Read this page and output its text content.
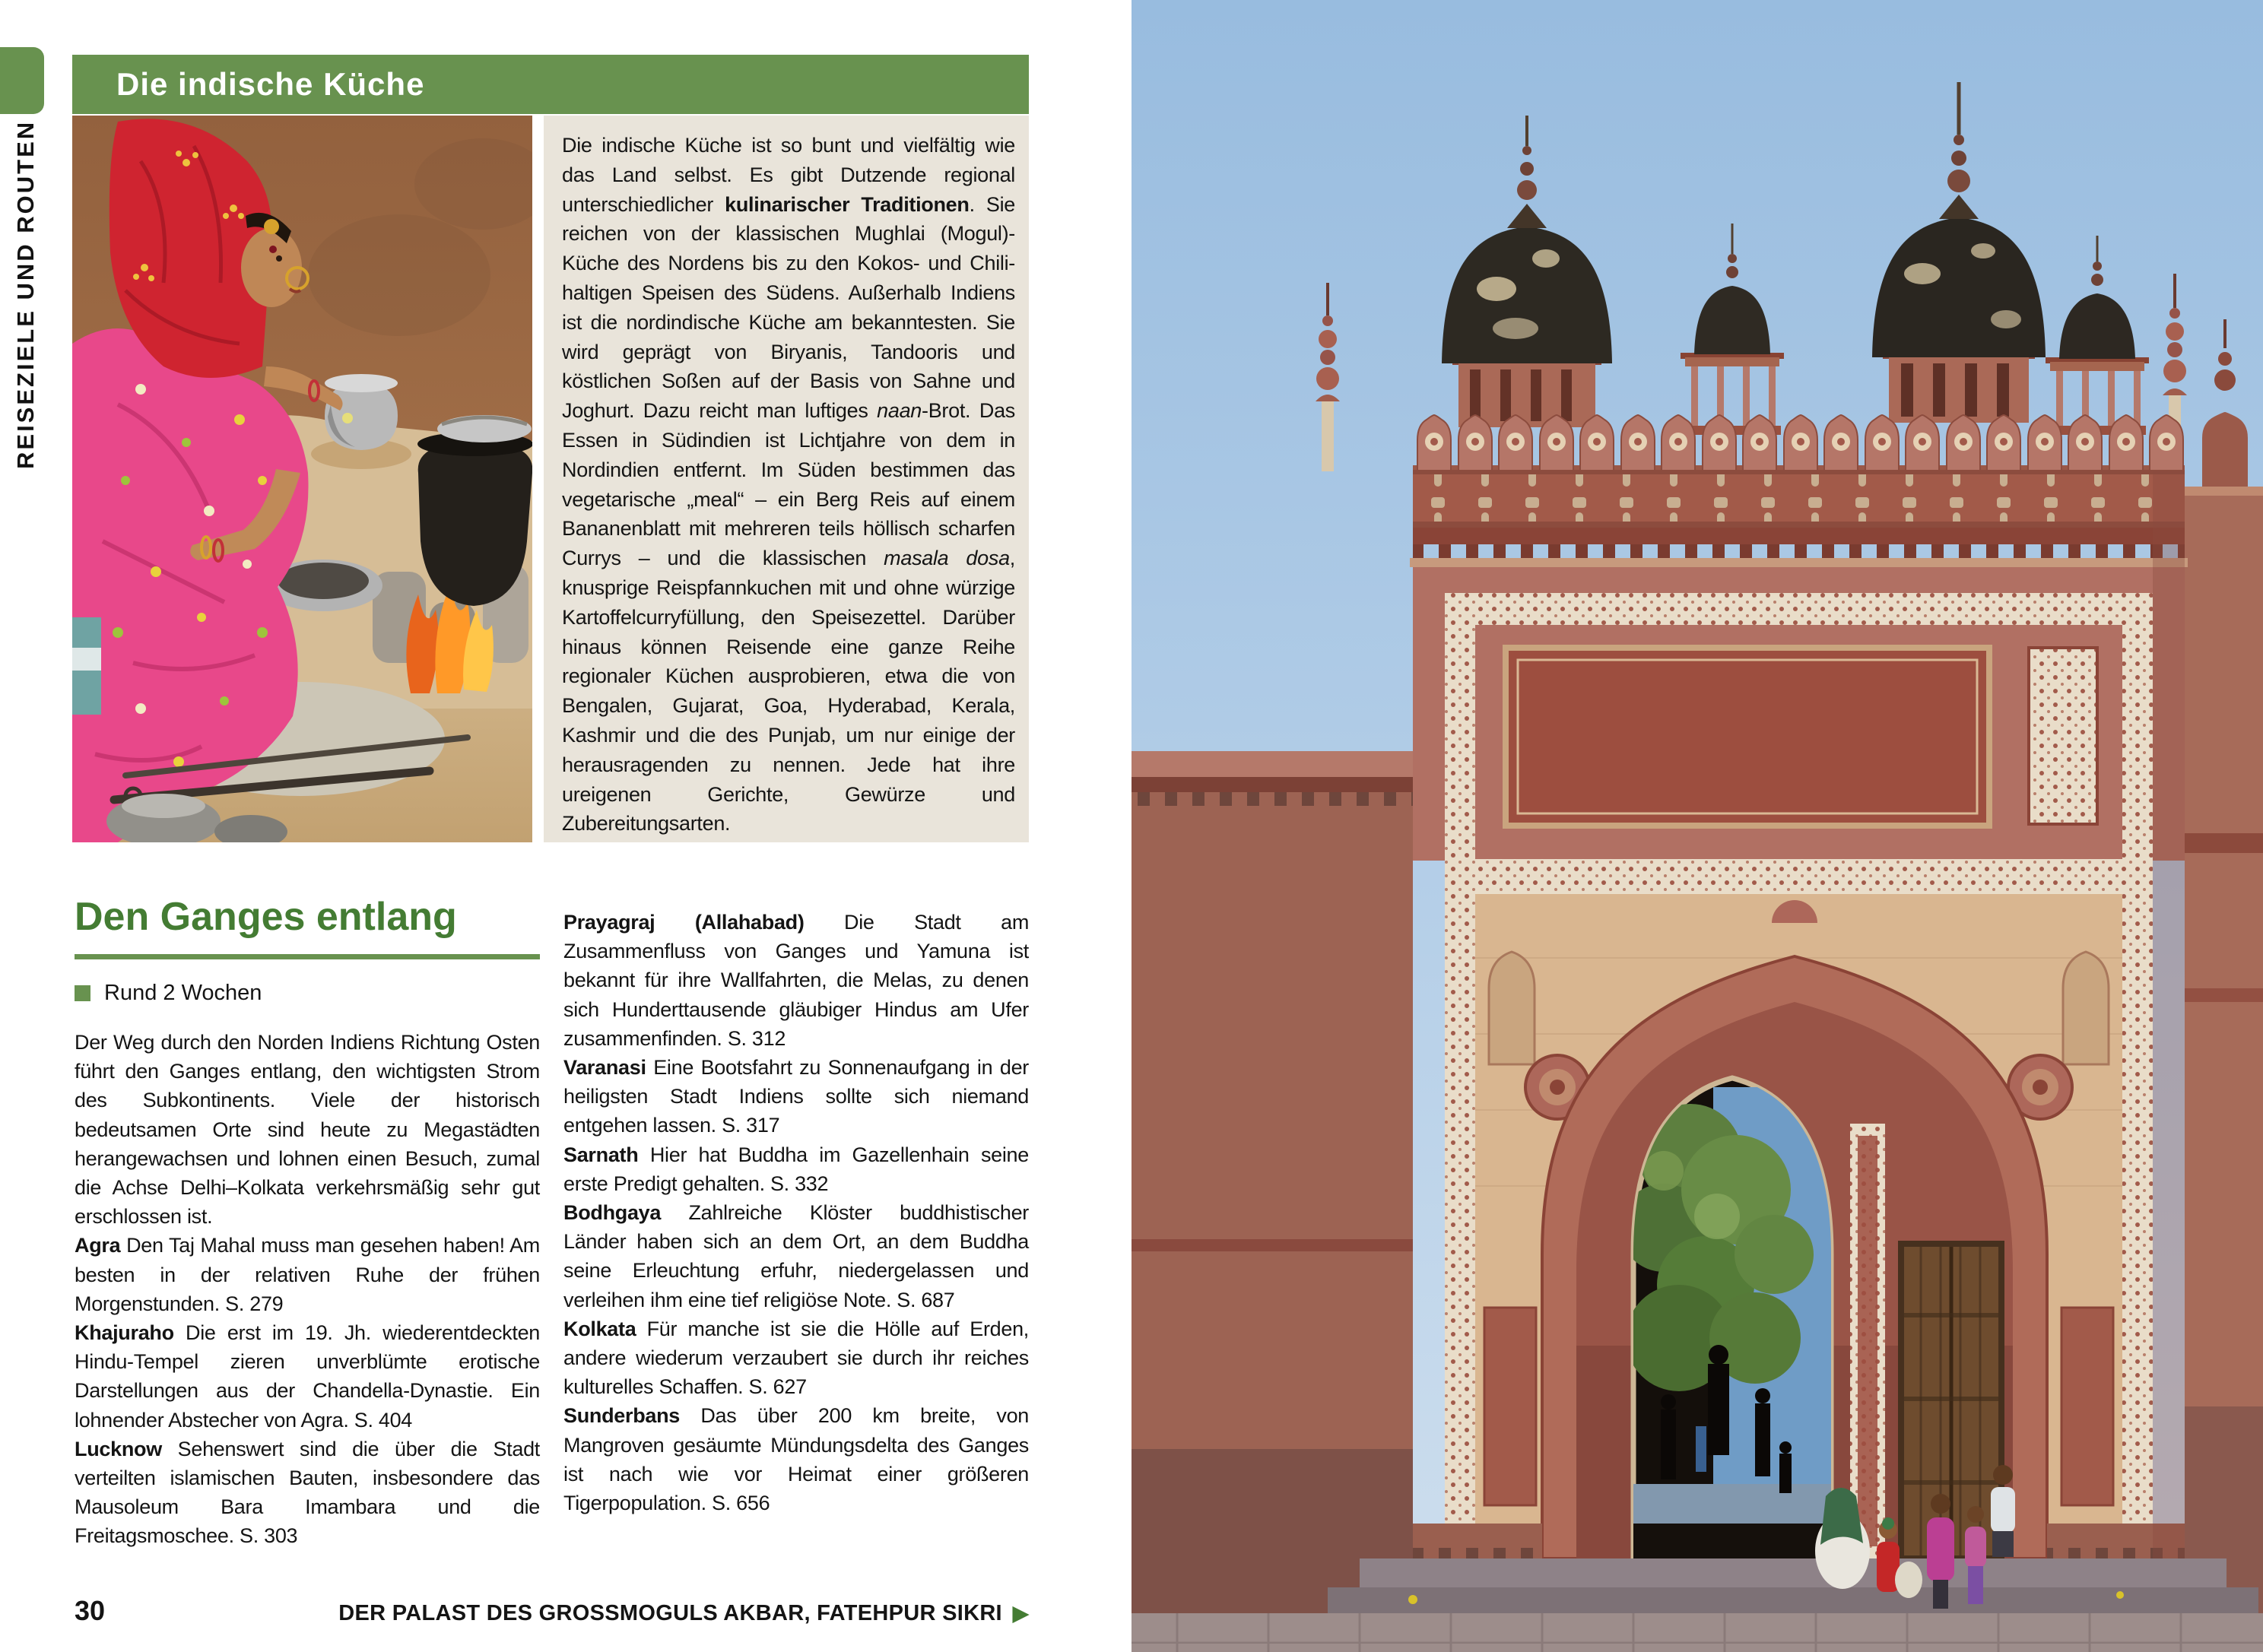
REISEZIELE UND ROUTEN
Die indische Küche
Die indische Küche ist so bunt und vielfältig wie das Land selbst. Es gibt Dutzende regional unterschiedlicher kulinarischer Traditionen. Sie reichen von der klassischen Mughlai (Mogul)-Küche des Nordens bis zu den Kokos- und Chili-haltigen Speisen des Südens. Außerhalb Indiens ist die nordindische Küche am bekanntesten. Sie wird geprägt von Biryanis, Tandooris und köstlichen Soßen auf der Basis von Sahne und Joghurt. Dazu reicht man luftiges naan-Brot. Das Essen in Südindien ist Lichtjahre von dem in Nordindien entfernt. Im Süden bestimmen das vegetarische „meal“ – ein Berg Reis auf einem Bananenblatt mit mehreren teils höllisch scharfen Currys – und die klassischen masala dosa, knusprige Reispfannkuchen mit und ohne würzige Kartoffelcurryfüllung, den Speisezettel. Darüber hinaus können Reisende eine ganze Reihe regionaler Küchen ausprobieren, etwa die von Bengalen, Gujarat, Goa, Hyderabad, Kerala, Kashmir und die des Punjab, um nur einige der herausragenden zu nennen. Jede hat ihre ureigenen Gerichte, Gewürze und Zubereitungsarten.
Den Ganges entlang
Rund 2 Wochen

Der Weg durch den Norden Indiens Richtung Osten führt den Ganges entlang, den wichtigsten Strom des Subkontinents. Viele der historisch bedeutsamen Orte sind heute zu Megastädten herangewachsen und lohnen einen Besuch, zumal die Achse Delhi–Kolkata verkehrsmäßig sehr gut erschlossen ist.

Agra Den Taj Mahal muss man gesehen haben! Am besten in der relativen Ruhe der frühen Morgenstunden. S. 279

Khajuraho Die erst im 19. Jh. wiederentdeckten Hindu-Tempel zieren unverblümte erotische Darstellungen aus der Chandella-Dynastie. Ein lohnender Abstecher von Agra. S. 404

Lucknow Sehenswert sind die über die Stadt verteilten islamischen Bauten, insbesondere das Mausoleum Bara Imambara und die Freitagsmoschee. S. 303

Prayagraj (Allahabad) Die Stadt am Zusammenfluss von Ganges und Yamuna ist bekannt für ihre Wallfahrten, die Melas, zu denen sich Hunderttausende gläubiger Hindus am Ufer zusammenfinden. S. 312

Varanasi Eine Bootsfahrt zu Sonnenaufgang in der heiligsten Stadt Indiens sollte sich niemand entgehen lassen. S. 317

Sarnath Hier hat Buddha im Gazellenhain seine erste Predigt gehalten. S. 332

Bodhgaya Zahlreiche Klöster buddhistischer Länder haben sich an dem Ort, an dem Buddha seine Erleuchtung erfuhr, niedergelassen und verleihen ihm eine tief religiöse Note. S. 687

Kolkata Für manche ist sie die Hölle auf Erden, andere wiederum verzaubert sie durch ihr reiches kulturelles Schaffen. S. 627

Sunderbans Das über 200 km breite, von Mangroven gesäumte Mündungsdelta des Ganges ist nach wie vor Heimat einer größeren Tigerpopulation. S. 656

30	DER PALAST DES GROSSMOGULS AKBAR, FATEHPUR SIKRI ▶
